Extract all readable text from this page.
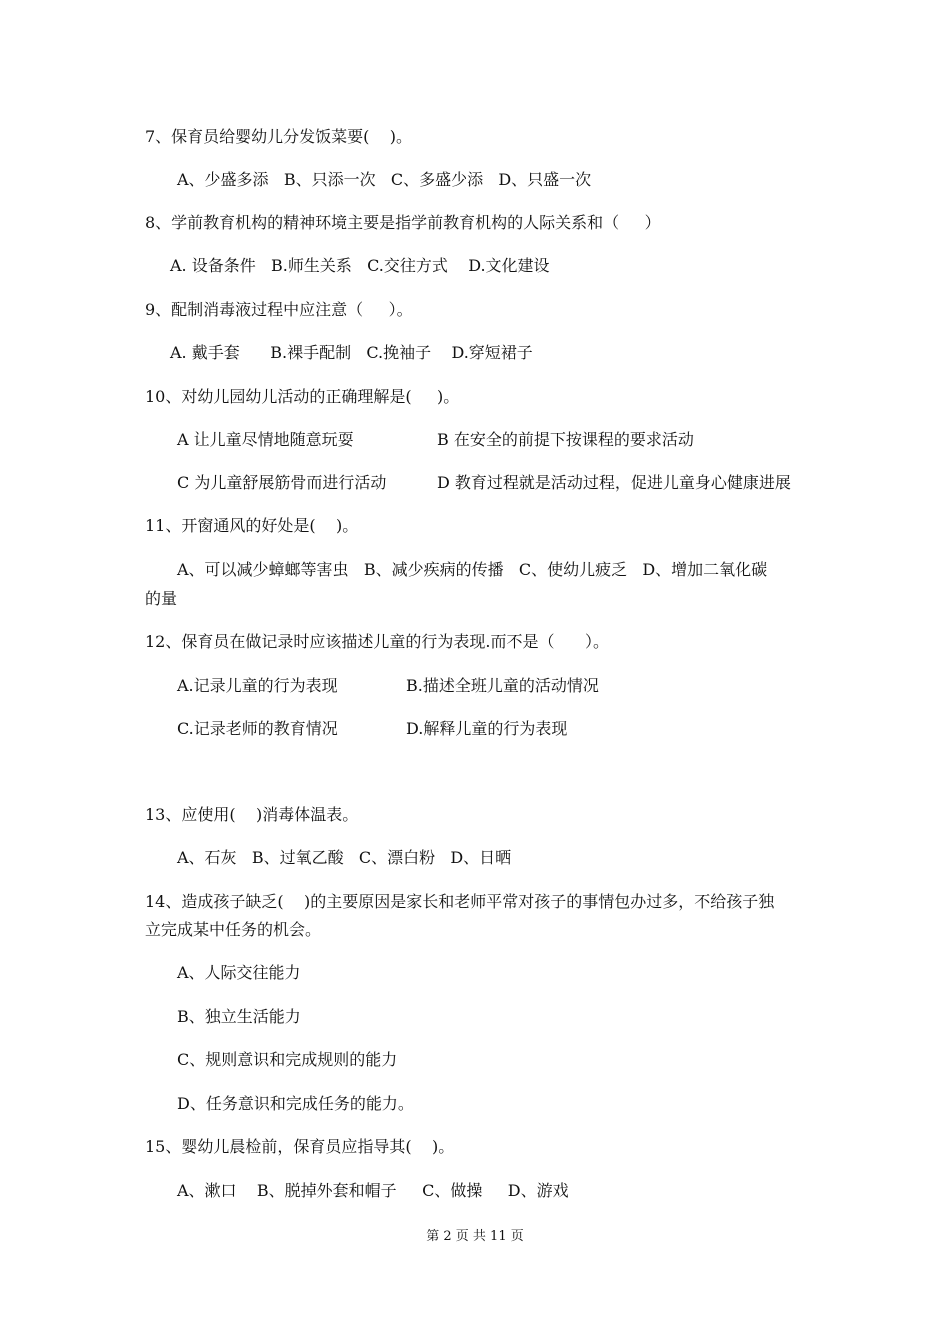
7、保育员给婴幼儿分发饭菜要(    )。
A、少盛多添   B、只添一次   C、多盛少添   D、只盛一次
8、学前教育机构的精神环境主要是指学前教育机构的人际关系和（     ）
A. 设备条件   B.师生关系   C.交往方式    D.文化建设
9、配制消毒液过程中应注意（     ）。
A. 戴手套      B.裸手配制   C.挽袖子    D.穿短裙子
10、对幼儿园幼儿活动的正确理解是(     )。
A 让儿童尽情地随意玩耍	B 在安全的前提下按课程的要求活动
C 为儿童舒展筋骨而进行活动	D 教育过程就是活动过程，促进儿童身心健康进展
11、开窗通风的好处是(    )。
A、可以减少蟑螂等害虫   B、减少疾病的传播   C、使幼儿疲乏   D、增加二氧化碳
的量
12、保育员在做记录时应该描述儿童的行为表现.而不是（      ）。
A.记录儿童的行为表现	B.描述全班儿童的活动情况
C.记录老师的教育情况	D.解释儿童的行为表现
13、应使用(    )消毒体温表。
A、石灰   B、过氧乙酸   C、漂白粉   D、日晒
14、造成孩子缺乏(    )的主要原因是家长和老师平常对孩子的事情包办过多，不给孩子独
立完成某中任务的机会。
A、人际交往能力
B、独立生活能力
C、规则意识和完成规则的能力
D、任务意识和完成任务的能力。
15、婴幼儿晨检前，保育员应指导其(    )。
A、漱口    B、脱掉外套和帽子     C、做操     D、游戏
第 2 页 共 11 页
